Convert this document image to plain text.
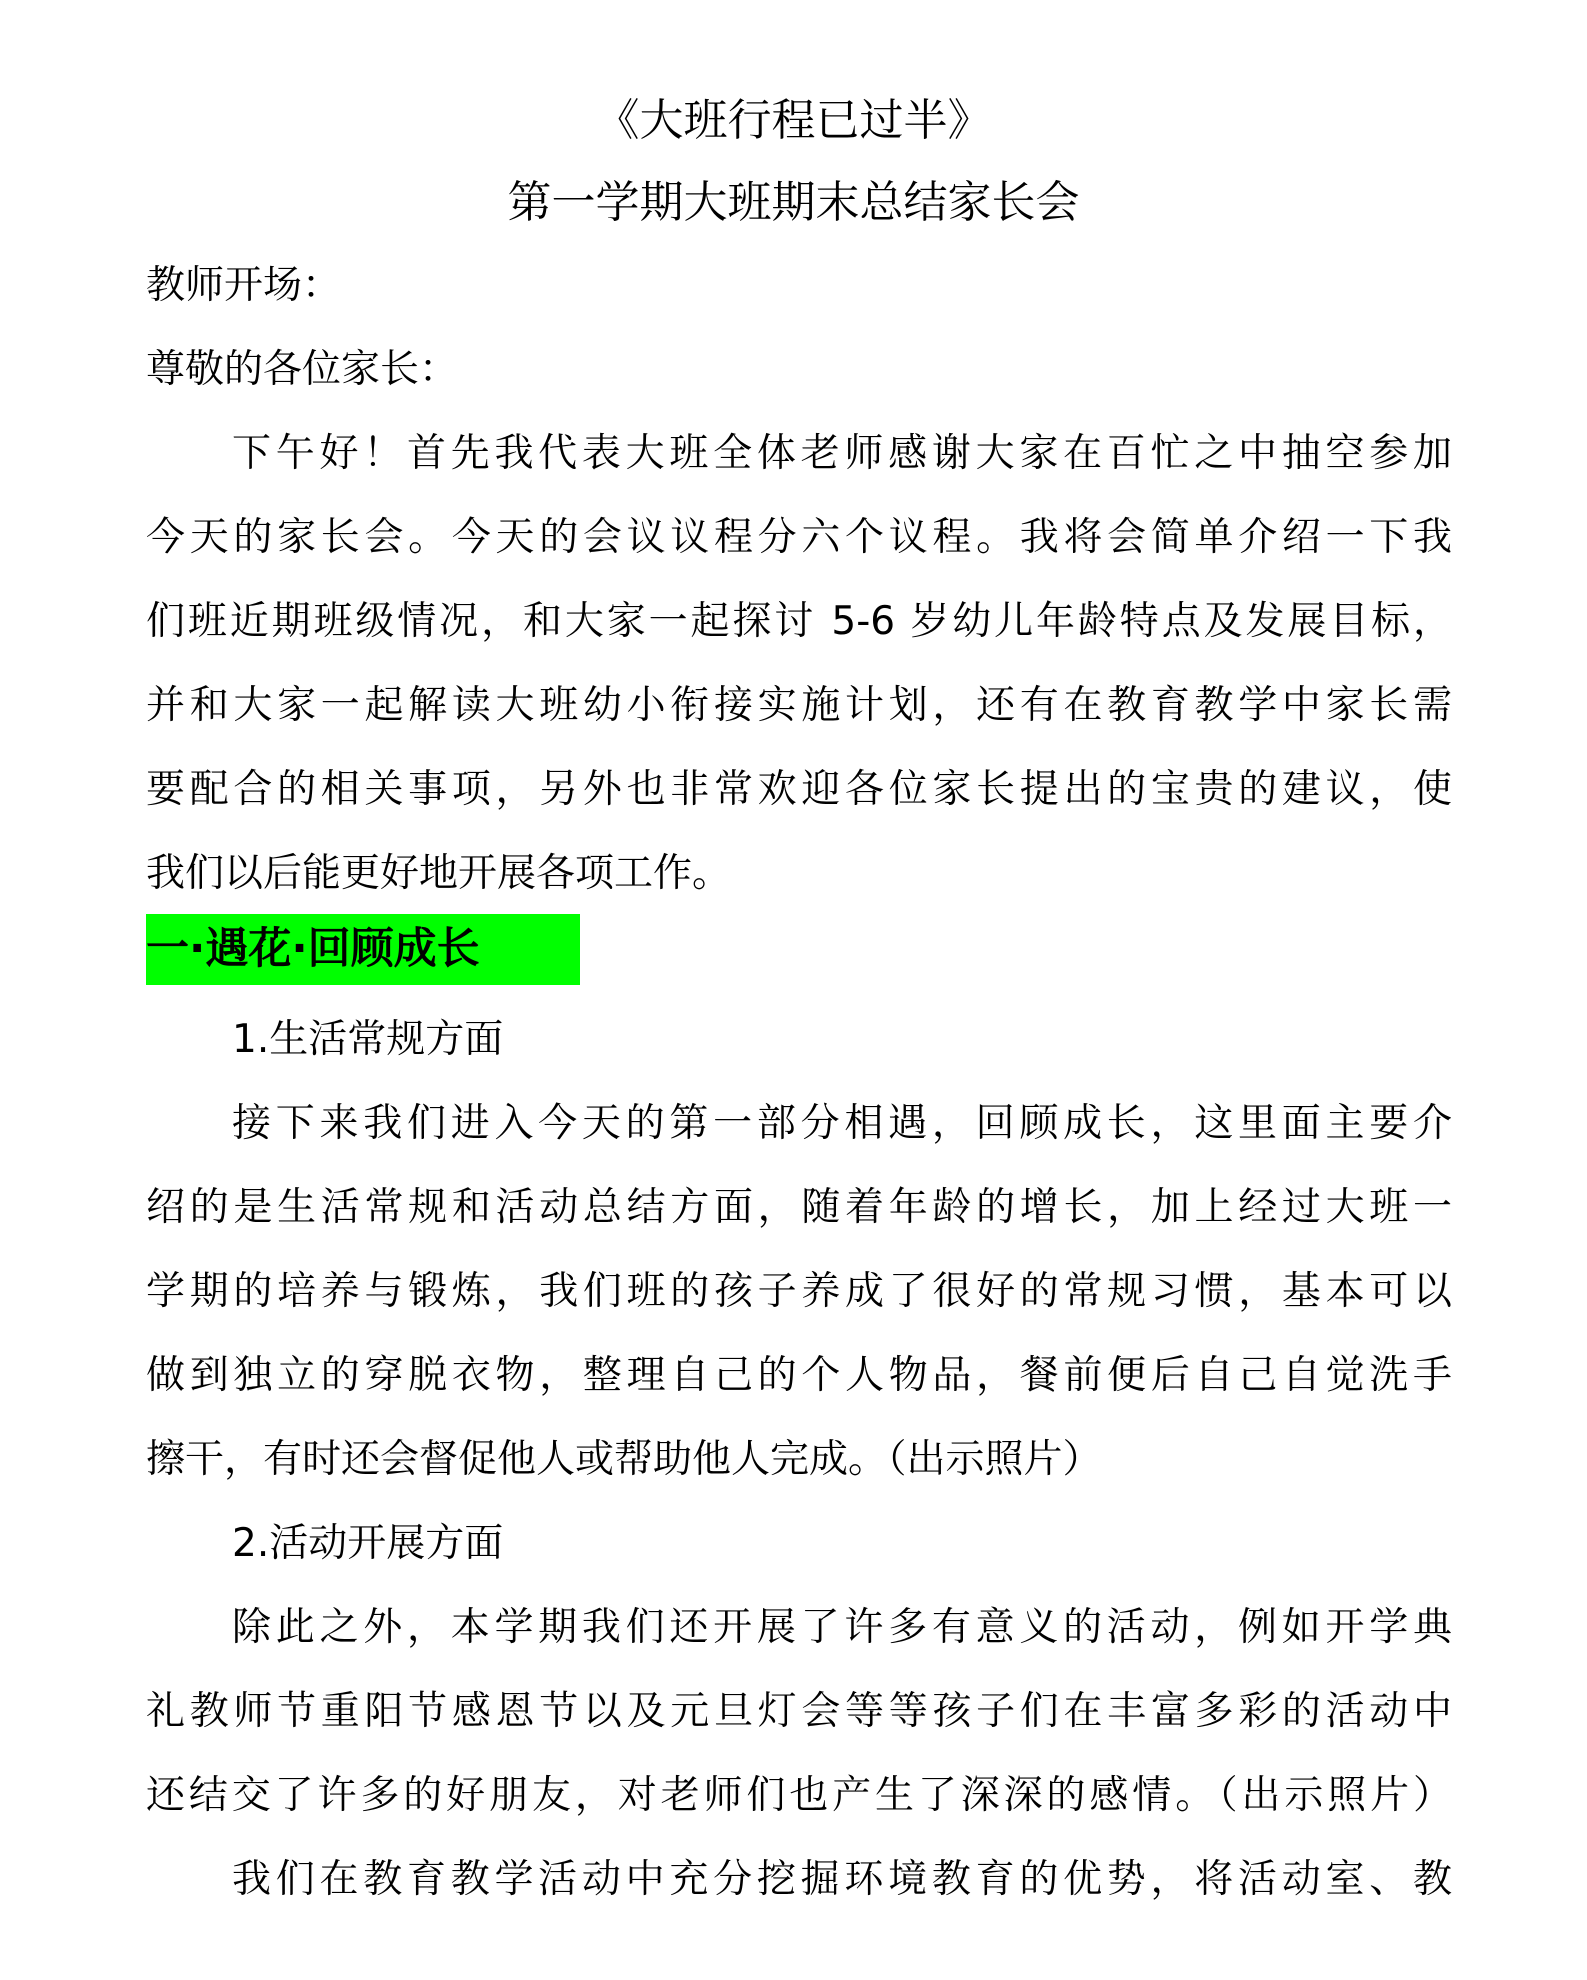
《大班行程已过半》
第一学期大班期末总结家长会
教师开场：
尊敬的各位家长：
下午好！首先我代表大班全体老师感谢大家在百忙之中抽空参加
今天的家长会。今天的会议议程分六个议程。我将会简单介绍一下我
们班近期班级情况，和大家一起探讨 5-6 岁幼儿年龄特点及发展目标，
并和大家一起解读大班幼小衔接实施计划，还有在教育教学中家长需
要配合的相关事项，另外也非常欢迎各位家长提出的宝贵的建议，使
我们以后能更好地开展各项工作。
一·遇花·回顾成长
1.生活常规方面
接下来我们进入今天的第一部分相遇，回顾成长，这里面主要介
绍的是生活常规和活动总结方面，随着年龄的增长，加上经过大班一
学期的培养与锻炼，我们班的孩子养成了很好的常规习惯，基本可以
做到独立的穿脱衣物，整理自己的个人物品，餐前便后自己自觉洗手
擦干，有时还会督促他人或帮助他人完成。（出示照片）
2.活动开展方面
除此之外，本学期我们还开展了许多有意义的活动，例如开学典
礼教师节重阳节感恩节以及元旦灯会等等孩子们在丰富多彩的活动中
还结交了许多的好朋友，对老师们也产生了深深的感情。（出示照片）
我们在教育教学活动中充分挖掘环境教育的优势，将活动室、教
